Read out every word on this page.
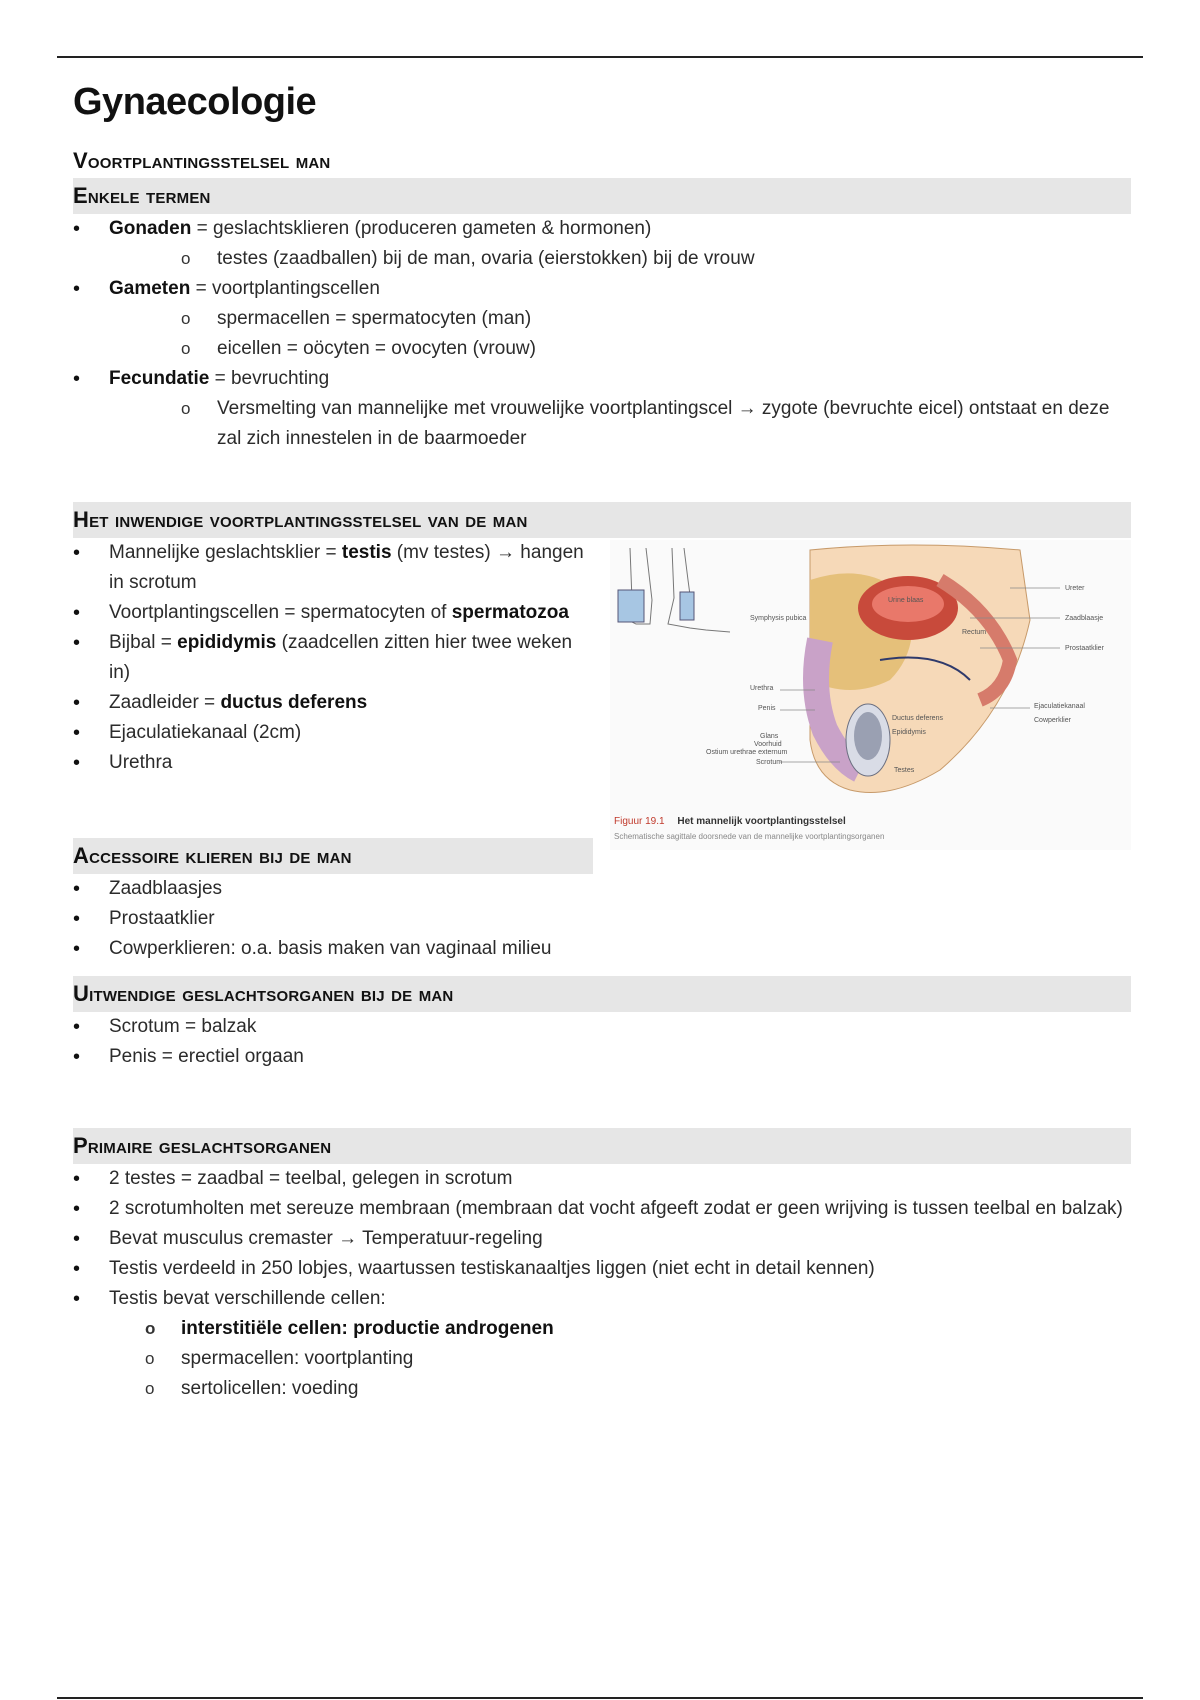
Gynaecologie
Voortplantingsstelsel man
Enkele termen
• Gonaden = geslachtsklieren (produceren gameten & hormonen)
o testes (zaadballen) bij de man, ovaria (eierstokken) bij de vrouw
• Gameten = voortplantingscellen
o spermacellen = spermatocyten (man)
o eicellen = oöcyten = ovocyten (vrouw)
• Fecundatie = bevruchting
o Versmelting van mannelijke met vrouwelijke voortplantingscel → zygote (bevruchte eicel) ontstaat en deze zal zich innestelen in de baarmoeder
Het inwendige voortplantingsstelsel van de man
• Mannelijke geslachtsklier = testis (mv testes) → hangen in scrotum
• Voortplantingscellen = spermatocyten of spermatozoa
• Bijbal = epididymis (zaadcellen zitten hier twee weken in)
• Zaadleider = ductus deferens
• Ejaculatiekanaal (2cm)
• Urethra
Ureter
Zaadblaasje
Prostaatklier
Ejaculatiekanaal
Cowperklier
Urine blaas
Rectum
Symphysis pubica
Urethra
Penis
Ductus deferens
Epididymis
Glans
Voorhuid
Ostium urethrae externum
Scrotum
Testes
Figuur 19.1 Het mannelijk voortplantingsstelsel
Schematische sagittale doorsnede van de mannelijke voortplantingsorganen
Accessoire klieren bij de man
• Zaadblaasjes
• Prostaatklier
• Cowperklieren: o.a. basis maken van vaginaal milieu
Uitwendige geslachtsorganen bij de man
• Scrotum = balzak
• Penis = erectiel orgaan
Primaire geslachtsorganen
• 2 testes = zaadbal = teelbal, gelegen in scrotum
• 2 scrotumholten met sereuze membraan (membraan dat vocht afgeeft zodat er geen wrijving is tussen teelbal en balzak)
• Bevat musculus cremaster → Temperatuur-regeling
• Testis verdeeld in 250 lobjes, waartussen testiskanaaltjes liggen (niet echt in detail kennen)
• Testis bevat verschillende cellen:
o interstitiële cellen: productie androgenen
o spermacellen: voortplanting
o sertolicellen: voeding
